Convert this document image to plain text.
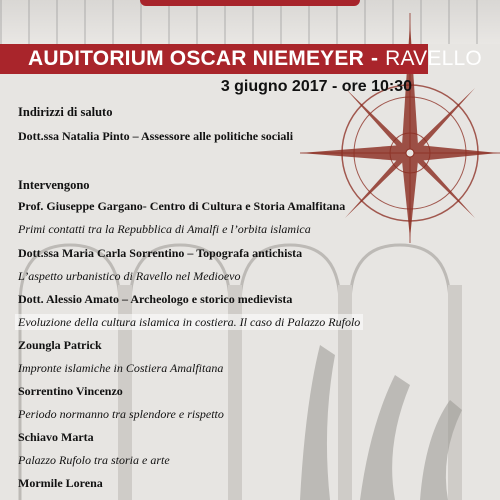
AUDITORIUM OSCAR NIEMEYER - RAVELLO
3 giugno 2017 - ore 10:30
Indirizzi di saluto
Dott.ssa Natalia Pinto – Assessore alle politiche sociali
Intervengono
Prof. Giuseppe Gargano- Centro di Cultura e Storia Amalfitana
Primi contatti tra la Repubblica di Amalfi e l’orbita islamica
Dott.ssa Maria Carla Sorrentino – Topografa antichista
L’aspetto urbanistico di Ravello nel Medioevo
Dott. Alessio Amato – Archeologo e storico medievista
Evoluzione della cultura islamica in costiera. Il caso di Palazzo Rufolo
Zoungla Patrick
Impronte islamiche in Costiera Amalfitana
Sorrentino Vincenzo
Periodo normanno tra splendore e rispetto
Schiavo Marta
Palazzo Rufolo tra storia e arte
Mormile Lorena
